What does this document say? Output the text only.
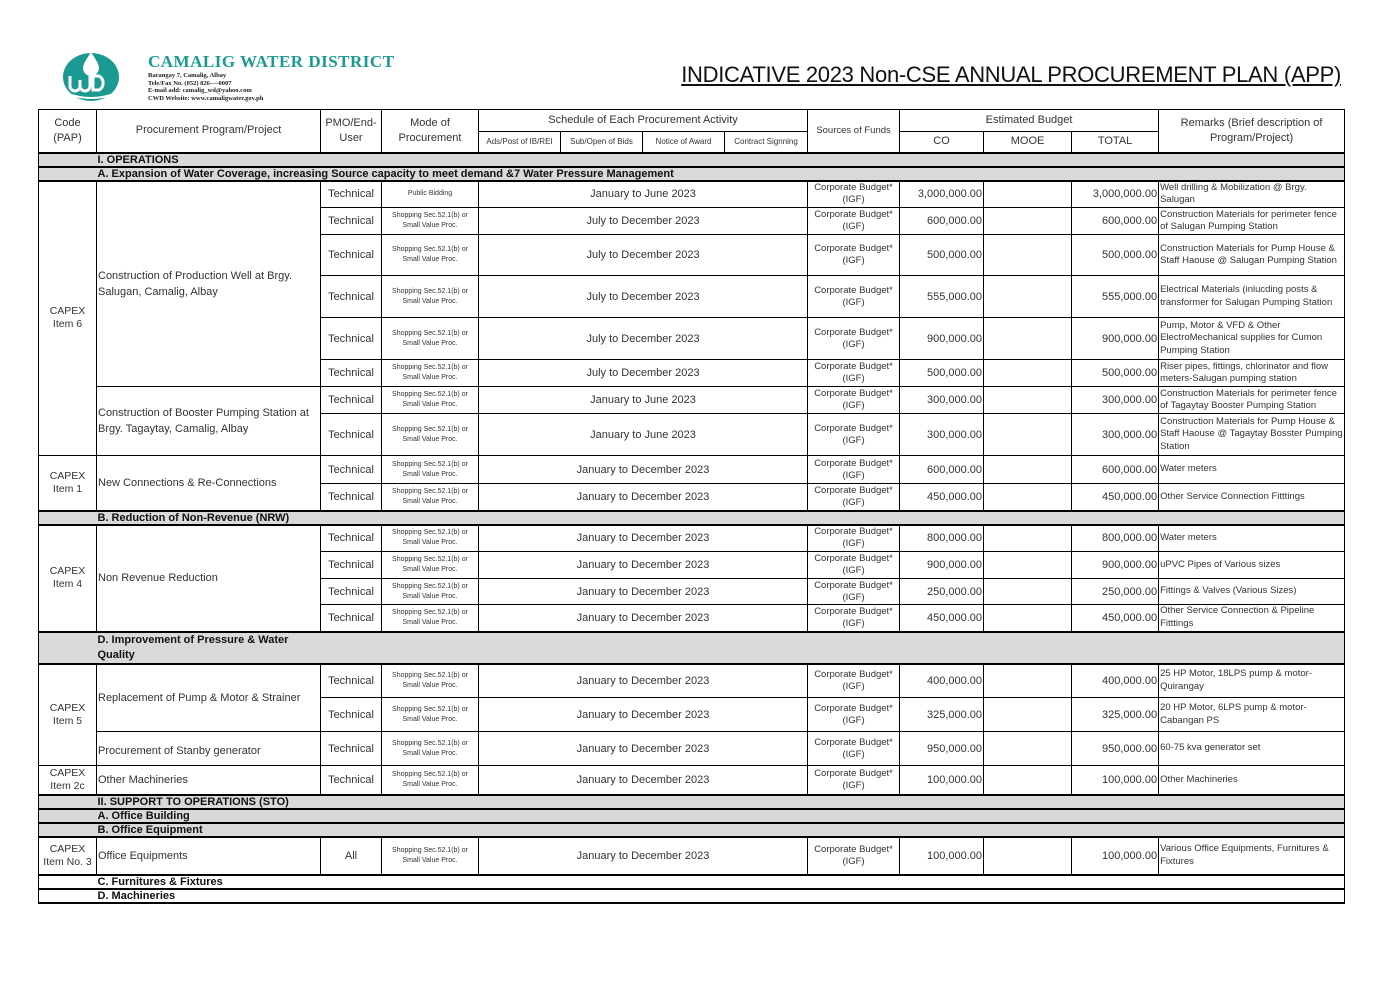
CAMALIG WATER DISTRICT
Barangay 7, Camalig, Albay
Tele/Fax No. (052) 826----0007
E-mail add: camalig_wd@yahoo.com
CWD Website: www.camaligwater.gov.ph
INDICATIVE 2023 Non-CSE ANNUAL PROCUREMENT PLAN (APP)
Code (PAP)	Procurement Program/Project	PMO/End-User	Mode of Procurement	Schedule of Each Procurement Activity				Sources of Funds	Estimated Budget			Remarks (Brief description of Program/Project)
				Ads/Post of IB/REI	Sub/Open of Bids	Notice of Award	Contract Signning		CO	MOOE	TOTAL	
	I. OPERATIONS											
	A. Expansion of Water Coverage, increasing Source capacity to meet demand &7 Water Pressure Management											
CAPEX Item 6	Construction of Production Well at Brgy. Salugan, Camalig, Albay	Technical	Public Bidding	January to June 2023				Corporate Budget*(IGF)	3,000,000.00		3,000,000.00	Well drilling & Mobilization @ Brgy. Salugan
		Technical	Shopping Sec.52.1(b) or Small Value Proc.	July to December 2023				Corporate Budget*(IGF)	600,000.00		600,000.00	Construction Materials for perimeter fence of Salugan Pumping Station
		Technical	Shopping Sec.52.1(b) or Small Value Proc.	July to December 2023				Corporate Budget*(IGF)	500,000.00		500,000.00	Construction Materials for Pump House & Staff Haouse @ Salugan Pumping Station
		Technical	Shopping Sec.52.1(b) or Small Value Proc.	July to December 2023				Corporate Budget*(IGF)	555,000.00		555,000.00	Electrical Materials (inlucding posts & transformer for Salugan Pumping Station
		Technical	Shopping Sec.52.1(b) or Small Value Proc.	July to December 2023				Corporate Budget*(IGF)	900,000.00		900,000.00	Pump, Motor & VFD & Other ElectroMechanical supplies for Cumon Pumping Station
		Technical	Shopping Sec.52.1(b) or Small Value Proc.	July to December 2023				Corporate Budget*(IGF)	500,000.00		500,000.00	Riser pipes, fittings, chlorinator and flow meters-Salugan pumping station
	Construction of Booster Pumping Station at Brgy. Tagaytay, Camalig, Albay	Technical	Shopping Sec.52.1(b) or Small Value Proc.	January to June 2023				Corporate Budget*(IGF)	300,000.00		300,000.00	Construction Materials for perimeter fence of Tagaytay Booster Pumping Station
		Technical	Shopping Sec.52.1(b) or Small Value Proc.	January to June 2023				Corporate Budget*(IGF)	300,000.00		300,000.00	Construction Materials for Pump House & Staff Haouse @ Tagaytay Bosster Pumping Station
CAPEX Item 1	New Connections & Re-Connections	Technical	Shopping Sec.52.1(b) or Small Value Proc.	January to December 2023				Corporate Budget*(IGF)	600,000.00		600,000.00	Water meters
		Technical	Shopping Sec.52.1(b) or Small Value Proc.	January to December 2023				Corporate Budget*(IGF)	450,000.00		450,000.00	Other Service Connection Fitttings
	B. Reduction of Non-Revenue (NRW)											
CAPEX Item 4	Non Revenue Reduction	Technical	Shopping Sec.52.1(b) or Small Value Proc.	January to December 2023				Corporate Budget*(IGF)	800,000.00		800,000.00	Water meters
		Technical	Shopping Sec.52.1(b) or Small Value Proc.	January to December 2023				Corporate Budget*(IGF)	900,000.00		900,000.00	uPVC Pipes of Various sizes
		Technical	Shopping Sec.52.1(b) or Small Value Proc.	January to December 2023				Corporate Budget*(IGF)	250,000.00		250,000.00	Fittings & Valves (Various Sizes)
		Technical	Shopping Sec.52.1(b) or Small Value Proc.	January to December 2023				Corporate Budget*(IGF)	450,000.00		450,000.00	Other Service Connection & Pipeline Fitttings

	D. Improvement of Pressure & Water Quality											

CAPEX Item 5	Replacement of Pump & Motor & Strainer	Technical	Shopping Sec.52.1(b) or Small Value Proc.	January to December 2023				Corporate Budget*(IGF)	400,000.00		400,000.00	25 HP Motor, 18LPS pump & motor-Quirangay
		Technical	Shopping Sec.52.1(b) or Small Value Proc.	January to December 2023				Corporate Budget*(IGF)	325,000.00		325,000.00	20 HP Motor, 6LPS pump & motor-Cabangan PS
	Procurement of Stanby generator	Technical	Shopping Sec.52.1(b) or Small Value Proc.	January to December 2023				Corporate Budget*(IGF)	950,000.00		950,000.00	60-75 kva generator set
CAPEX Item 2c	Other Machineries	Technical	Shopping Sec.52.1(b) or Small Value Proc.	January to December 2023				Corporate Budget*(IGF)	100,000.00		100,000.00	Other Machineries
	II. SUPPORT TO OPERATIONS (STO)											
	A. Office Building											
	B. Office Equipment											
CAPEX Item No. 3	Office Equipments	All	Shopping Sec.52.1(b) or Small Value Proc.	January to December 2023				Corporate Budget*(IGF)	100,000.00		100,000.00	Various Office Equipments, Furnitures & Fixtures
	C. Furnitures & Fixtures											
	D. Machineries											
